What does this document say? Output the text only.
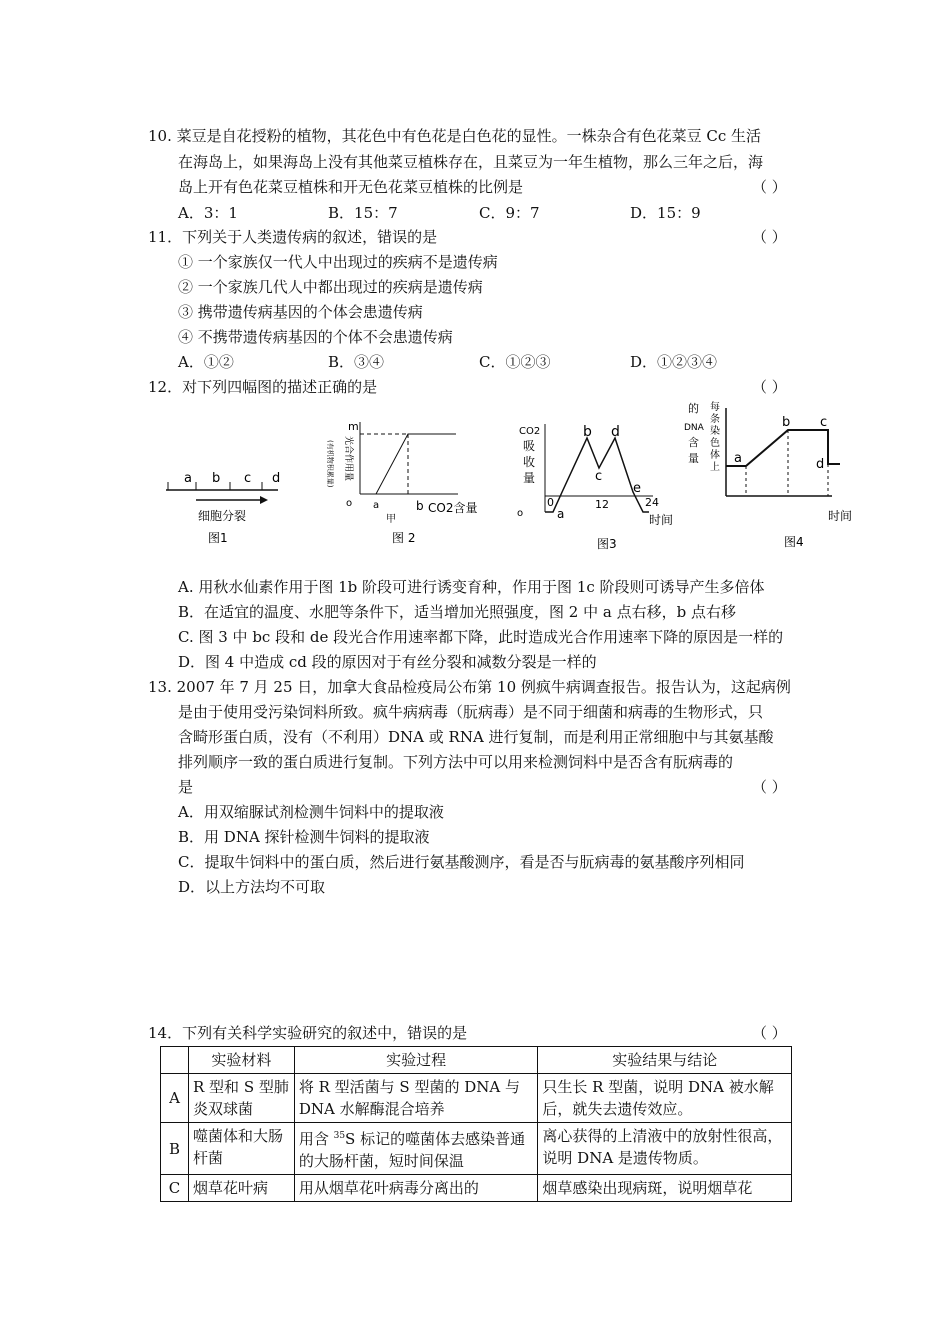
10. 菜豆是自花授粉的植物，其花色中有色花是白色花的显性。一株杂合有色花菜豆 Cc 生活
在海岛上，如果海岛上没有其他菜豆植株存在，且菜豆为一年生植物，那么三年之后，海
岛上开有色花菜豆植株和开无色花菜豆植株的比例是	（ ）
A．3：1	B．15：7	C．9：7	D．15：9
11．下列关于人类遗传病的叙述，错误的是	（ ）
① 一个家族仅一代人中出现过的疾病不是遗传病
② 一个家族几代人中都出现过的疾病是遗传病
③ 携带遗传病基因的个体会患遗传病
④ 不携带遗传病基因的个体不会患遗传病
A．①②	B．③④	C．①②③	D．①②③④
12．对下列四幅图的描述正确的是	（ ）
a b c d
细胞分裂
图1
(有机物积累量)
m
光合作用量
o a	b CO2含量
甲
图 2
CO2
吸
收
量
o
0	12	24
a
b
c
d
e
时间
图3
的
DNA
含
量
每
条
染
色
体
上
a
b c
d
时间
图4
A. 用秋水仙素作用于图 1b 阶段可进行诱变育种，作用于图 1c 阶段则可诱导产生多倍体
B．在适宜的温度、水肥等条件下，适当增加光照强度，图 2 中 a 点右移，b 点右移
C. 图 3 中 bc 段和 de 段光合作用速率都下降，此时造成光合作用速率下降的原因是一样的
D．图 4 中造成 cd 段的原因对于有丝分裂和减数分裂是一样的
13. 2007 年 7 月 25 日，加拿大食品检疫局公布第 10 例疯牛病调查报告。报告认为，这起病例
是由于使用受污染饲料所致。疯牛病病毒（朊病毒）是不同于细菌和病毒的生物形式，只
含畸形蛋白质，没有（不利用）DNA 或 RNA 进行复制，而是利用正常细胞中与其氨基酸
排列顺序一致的蛋白质进行复制。下列方法中可以用来检测饲料中是否含有朊病毒的
是	（ ）
A．用双缩脲试剂检测牛饲料中的提取液
B．用 DNA 探针检测牛饲料的提取液
C．提取牛饲料中的蛋白质，然后进行氨基酸测序，看是否与朊病毒的氨基酸序列相同
D．以上方法均不可取
14．下列有关科学实验研究的叙述中，错误的是	（ ）
	实验材料	实验过程	实验结果与结论
A	R 型和 S 型肺炎双球菌	将 R 型活菌与 S 型菌的 DNA 与 DNA 水解酶混合培养	只生长 R 型菌，说明 DNA 被水解后，就失去遗传效应。
B	噬菌体和大肠杆菌	用含 $^{35}$S 标记的噬菌体去感染普通的大肠杆菌，短时间保温	离心获得的上清液中的放射性很高，说明 DNA 是遗传物质。
C	烟草花叶病	用从烟草花叶病毒分离出的	烟草感染出现病斑，说明烟草花
